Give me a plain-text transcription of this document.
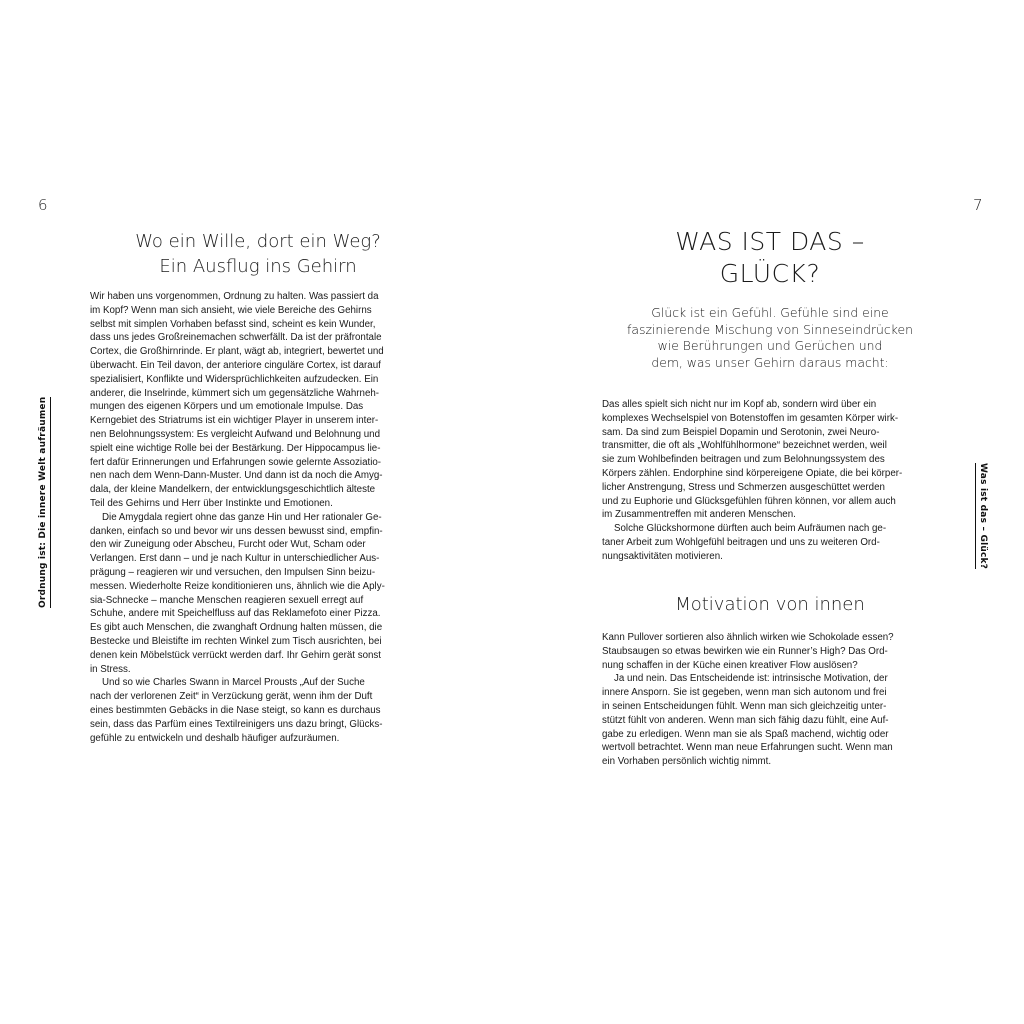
6
Ordnung ist: Die innere Welt aufräumen
Wo ein Wille, dort ein Weg?
Ein Ausflug ins Gehirn

Wir haben uns vorgenommen, Ordnung zu halten. Was passiert da

im Kopf? Wenn man sich ansieht, wie viele Bereiche des Gehirns

selbst mit simplen Vorhaben befasst sind, scheint es kein Wunder,

dass uns jedes Großreinemachen schwerfällt. Da ist der präfrontale

Cortex, die Großhirnrinde. Er plant, wägt ab, integriert, bewertet und

überwacht. Ein Teil davon, der anteriore cinguläre Cortex, ist darauf

spezialisiert, Konflikte und Widersprüchlichkeiten aufzudecken. Ein

anderer, die Inselrinde, kümmert sich um gegensätzliche Wahrneh-

mungen des eigenen Körpers und um emotionale Impulse. Das

Kerngebiet des Striatrums ist ein wichtiger Player in unserem inter-

nen Belohnungssystem: Es vergleicht Aufwand und Belohnung und

spielt eine wichtige Rolle bei der Bestärkung. Der Hippocampus lie-

fert dafür Erinnerungen und Erfahrungen sowie gelernte Assoziatio-

nen nach dem Wenn-Dann-Muster. Und dann ist da noch die Amyg-

dala, der kleine Mandelkern, der entwicklungsgeschichtlich älteste

Teil des Gehirns und Herr über Instinkte und Emotionen.

Die Amygdala regiert ohne das ganze Hin und Her rationaler Ge-

danken, einfach so und bevor wir uns dessen bewusst sind, empfin-

den wir Zuneigung oder Abscheu, Furcht oder Wut, Scham oder

Verlangen. Erst dann – und je nach Kultur in unterschiedlicher Aus-

prägung – reagieren wir und versuchen, den Impulsen Sinn beizu-

messen. Wiederholte Reize konditionieren uns, ähnlich wie die Aply-

sia-Schnecke – manche Menschen reagieren sexuell erregt auf

Schuhe, andere mit Speichelfluss auf das Reklamefoto einer Pizza.

Es gibt auch Menschen, die zwanghaft Ordnung halten müssen, die

Bestecke und Bleistifte im rechten Winkel zum Tisch ausrichten, bei

denen kein Möbelstück verrückt werden darf. Ihr Gehirn gerät sonst

in Stress.

Und so wie Charles Swann in Marcel Prousts „Auf der Suche

nach der verlorenen Zeit“ in Verzückung gerät, wenn ihm der Duft

eines bestimmten Gebäcks in die Nase steigt, so kann es durchaus

sein, dass das Parfüm eines Textilreinigers uns dazu bringt, Glücks-

gefühle zu entwickeln und deshalb häufiger aufzuräumen.

7
Was ist das – Glück?
WAS IST DAS –
GLÜCK?
Glück ist ein Gefühl. Gefühle sind eine
faszinierende Mischung von Sinneseindrücken
wie Berührungen und Gerüchen und
dem, was unser Gehirn daraus macht:

Das alles spielt sich nicht nur im Kopf ab, sondern wird über ein

komplexes Wechselspiel von Botenstoffen im gesamten Körper wirk-

sam. Da sind zum Beispiel Dopamin und Serotonin, zwei Neuro-

transmitter, die oft als „Wohlfühlhormone“ bezeichnet werden, weil

sie zum Wohlbefinden beitragen und zum Belohnungssystem des

Körpers zählen. Endorphine sind körpereigene Opiate, die bei körper-

licher Anstrengung, Stress und Schmerzen ausgeschüttet werden

und zu Euphorie und Glücksgefühlen führen können, vor allem auch

im Zusammentreffen mit anderen Menschen.

Solche Glückshormone dürften auch beim Aufräumen nach ge-

taner Arbeit zum Wohlgefühl beitragen und uns zu weiteren Ord-

nungsaktivitäten motivieren.

Motivation von innen

Kann Pullover sortieren also ähnlich wirken wie Schokolade essen?

Staubsaugen so etwas bewirken wie ein Runner’s High? Das Ord-

nung schaffen in der Küche einen kreativer Flow auslösen?

Ja und nein. Das Entscheidende ist: intrinsische Motivation, der

innere Ansporn. Sie ist gegeben, wenn man sich autonom und frei

in seinen Entscheidungen fühlt. Wenn man sich gleichzeitig unter-

stützt fühlt von anderen. Wenn man sich fähig dazu fühlt, eine Auf-

gabe zu erledigen. Wenn man sie als Spaß machend, wichtig oder

wertvoll betrachtet. Wenn man neue Erfahrungen sucht. Wenn man

ein Vorhaben persönlich wichtig nimmt.
